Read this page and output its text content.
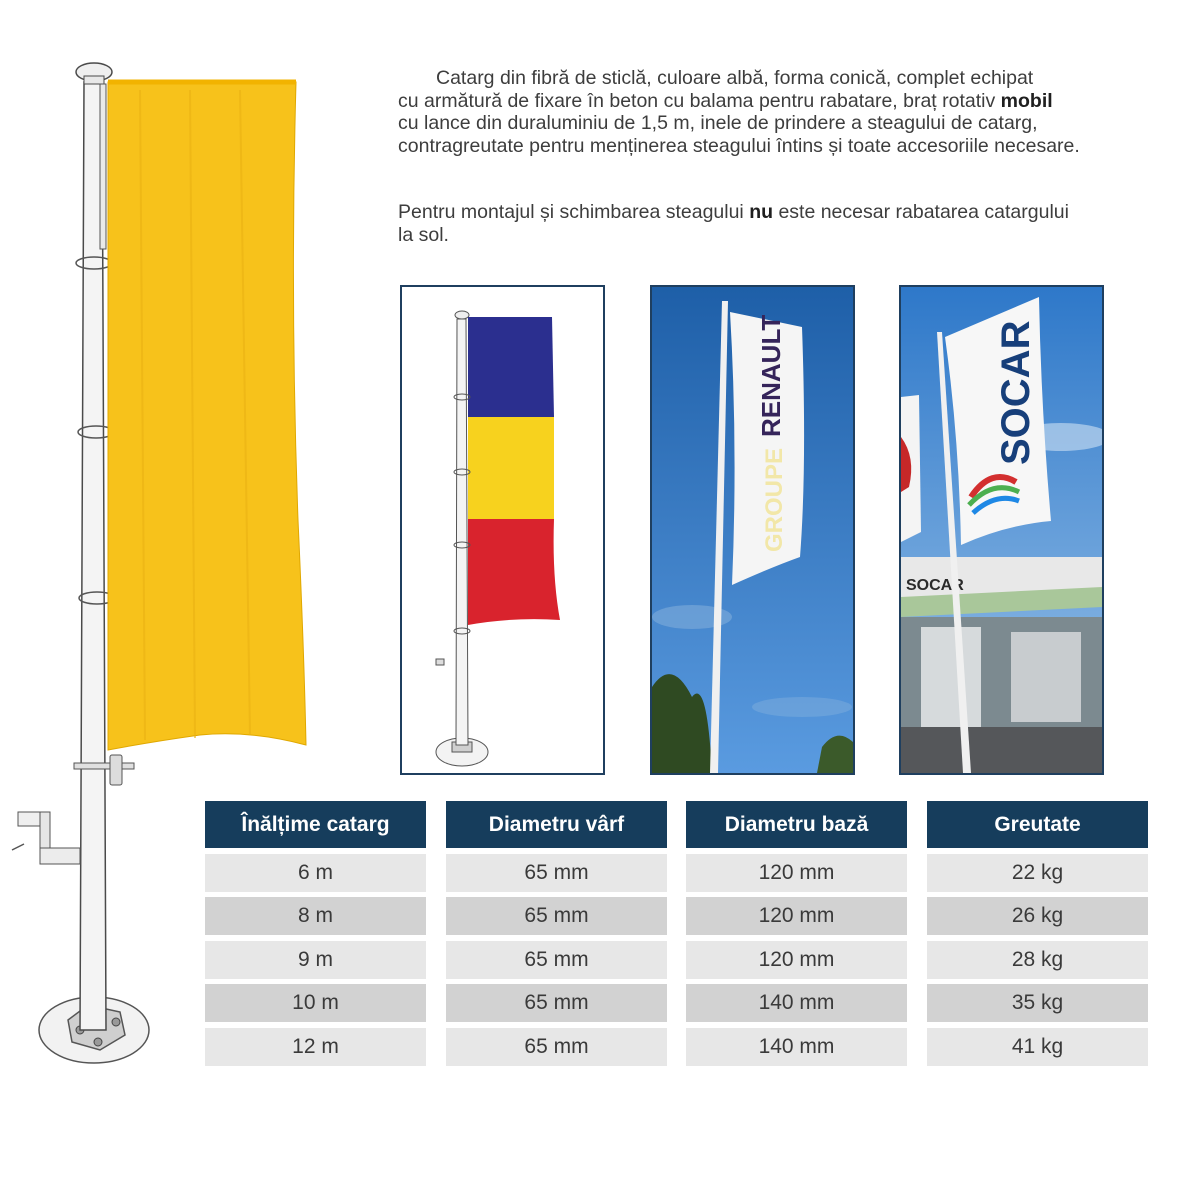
Catarg din fibră de sticlă, culoare albă, forma conică, complet echipat

cu armătură de fixare în beton cu balama pentru rabatare, braț rotativ mobil

cu lance din duraluminiu de 1,5 m, inele de prindere a steagului de catarg,

contragreutate pentru menținerea steagului întins și toate accesoriile necesare.

Pentru montajul și schimbarea steagului nu este necesar rabatarea catargului

la sol.

RENAULT
GROUPE
SOCAR
SOCAR
Înălțime catarg
6 m
8 m
9 m
10 m
12 m
Diametru vârf
65 mm
65 mm
65 mm
65 mm
65 mm
Diametru bază
120 mm
120 mm
120 mm
140 mm
140 mm
Greutate
22 kg
26 kg
28 kg
35 kg
41 kg
